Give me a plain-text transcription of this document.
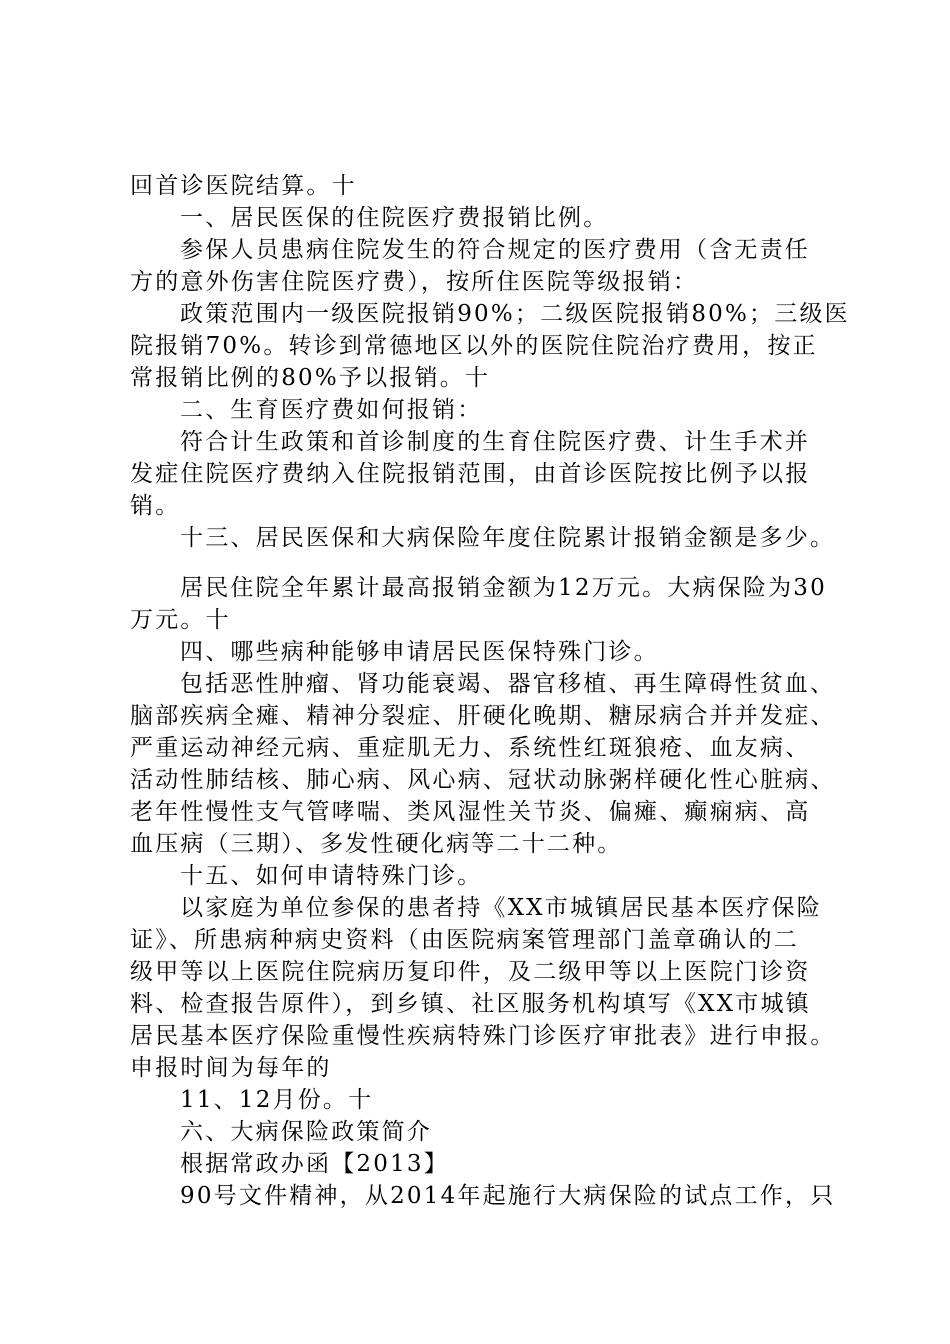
回首诊医院结算。十
一、居民医保的住院医疗费报销比例。
参保人员患病住院发生的符合规定的医疗费用（含无责任
方的意外伤害住院医疗费），按所住医院等级报销：
政策范围内一级医院报销90%；二级医院报销80%；三级医
院报销70%。转诊到常德地区以外的医院住院治疗费用，按正
常报销比例的80%予以报销。十
二、生育医疗费如何报销：
符合计生政策和首诊制度的生育住院医疗费、计生手术并
发症住院医疗费纳入住院报销范围，由首诊医院按比例予以报
销。
十三、居民医保和大病保险年度住院累计报销金额是多少。
居民住院全年累计最高报销金额为12万元。大病保险为30
万元。十
四、哪些病种能够申请居民医保特殊门诊。
包括恶性肿瘤、肾功能衰竭、器官移植、再生障碍性贫血、
脑部疾病全瘫、精神分裂症、肝硬化晚期、糖尿病合并并发症、
严重运动神经元病、重症肌无力、系统性红斑狼疮、血友病、
活动性肺结核、肺心病、风心病、冠状动脉粥样硬化性心脏病、
老年性慢性支气管哮喘、类风湿性关节炎、偏瘫、癫痫病、高
血压病（三期）、多发性硬化病等二十二种。
十五、如何申请特殊门诊。
以家庭为单位参保的患者持《XX市城镇居民基本医疗保险
证》、所患病种病史资料（由医院病案管理部门盖章确认的二
级甲等以上医院住院病历复印件，及二级甲等以上医院门诊资
料、检查报告原件），到乡镇、社区服务机构填写《XX市城镇
居民基本医疗保险重慢性疾病特殊门诊医疗审批表》进行申报。
申报时间为每年的
11、12月份。十
六、大病保险政策简介
根据常政办函【2013】
90号文件精神，从2014年起施行大病保险的试点工作，只
